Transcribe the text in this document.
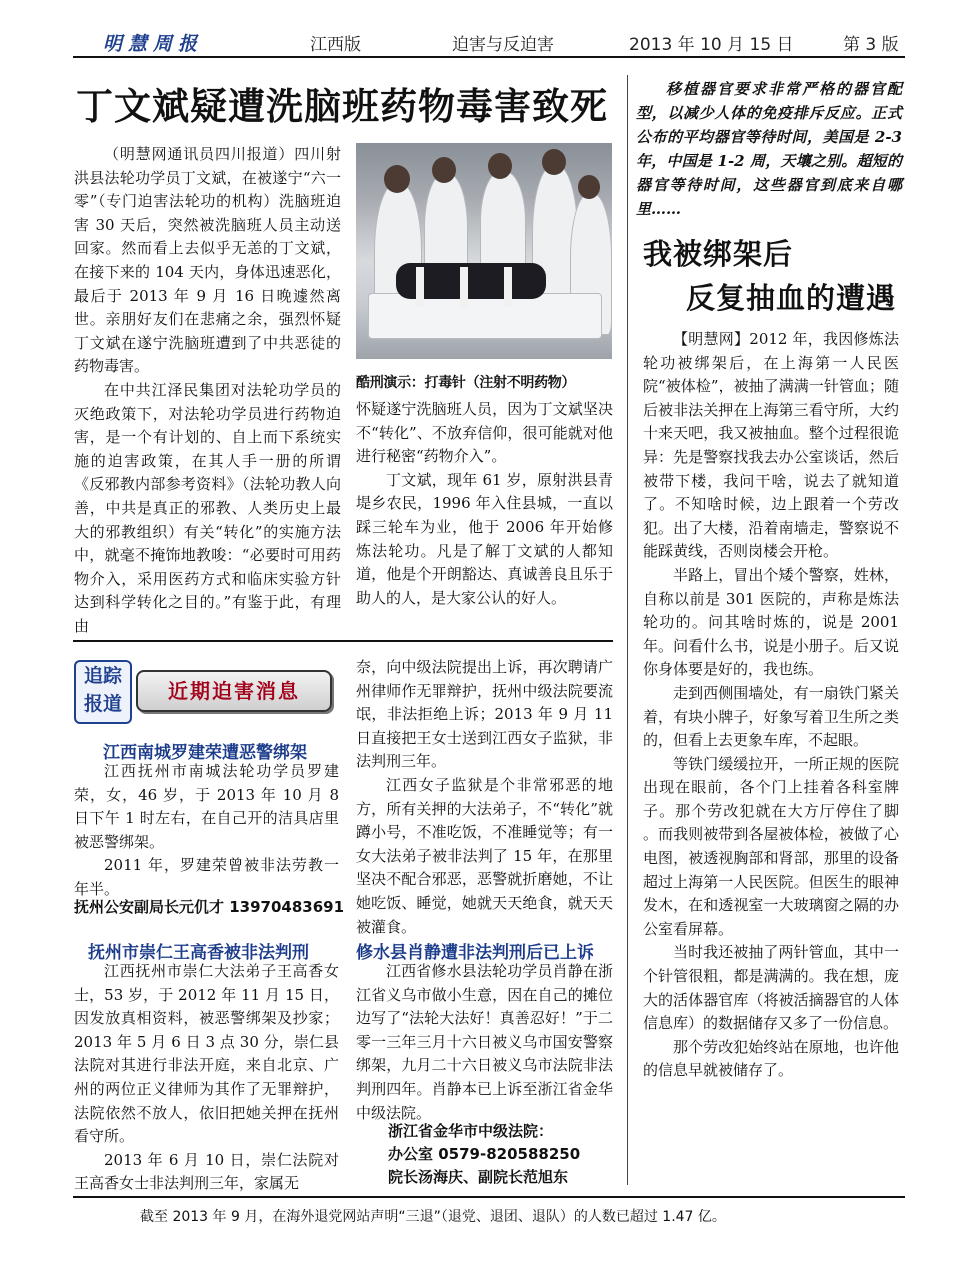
明慧周报	江西版	迫害与反迫害	2013 年 10 月 15 日	第 3 版
丁文斌疑遭洗脑班药物毒害致死

（明慧网通讯员四川报道）四川射洪县法轮功学员丁文斌，在被遂宁“六一零”（专门迫害法轮功的机构）洗脑班迫害 30 天后，突然被洗脑班人员主动送回家。然而看上去似乎无恙的丁文斌，在接下来的 104 天内，身体迅速恶化，最后于 2013 年 9 月 16 日晚遽然离世。亲朋好友们在悲痛之余，强烈怀疑丁文斌在遂宁洗脑班遭到了中共恶徒的药物毒害。

在中共江泽民集团对法轮功学员的灭绝政策下，对法轮功学员进行药物迫害，是一个有计划的、自上而下系统实施的迫害政策，在其人手一册的所谓《反邪教内部参考资料》（法轮功教人向善，中共是真正的邪教、人类历史上最大的邪教组织）有关“转化”的实施方法中，就毫不掩饰地教唆：“必要时可用药物介入，采用医药方式和临床实验方针达到科学转化之目的。”有鉴于此，有理由

酷刑演示：打毒针（注射不明药物）

怀疑遂宁洗脑班人员，因为丁文斌坚决不“转化”、不放弃信仰，很可能就对他进行秘密“药物介入”。

丁文斌，现年 61 岁，原射洪县青堤乡农民，1996 年入住县城，一直以踩三轮车为业，他于 2006 年开始修炼法轮功。凡是了解丁文斌的人都知道，他是个开朗豁达、真诚善良且乐于助人的人，是大家公认的好人。

移植器官要求非常严格的器官配型，以减少人体的免疫排斥反应。正式公布的平均器官等待时间，美国是 2-3 年，中国是 1-2 周，天壤之别。超短的器官等待时间，这些器官到底来自哪里……

我被绑架后
反复抽血的遭遇

【明慧网】2012 年，我因修炼法轮功被绑架后，在上海第一人民医院“被体检”，被抽了满满一针管血；随后被非法关押在上海第三看守所，大约十来天吧，我又被抽血。整个过程很诡异：先是警察找我去办公室谈话，然后被带下楼，我问干啥，说去了就知道了。不知啥时候，边上跟着一个劳改犯。出了大楼，沿着南墙走，警察说不能踩黄线，否则岗楼会开枪。

半路上，冒出个矮个警察，姓林，自称以前是 301 医院的，声称是炼法轮功的。问其啥时炼的，说是 2001 年。问看什么书，说是小册子。后又说你身体要是好的，我也练。

走到西侧围墙处，有一扇铁门紧关着，有块小牌子，好象写着卫生所之类的，但看上去更象车库，不起眼。

等铁门缓缓拉开，一所正规的医院出现在眼前，各个门上挂着各科室牌子。那个劳改犯就在大方厅停住了脚 。而我则被带到各屋被体检，被做了心电图，被透视胸部和肾部，那里的设备超过上海第一人民医院。但医生的眼神发木，在和透视室一大玻璃窗之隔的办公室看屏幕。

当时我还被抽了两针管血，其中一个针管很粗，都是满满的。我在想，庞大的活体器官库（将被活摘器官的人体信息库）的数据储存又多了一份信息。

那个劳改犯始终站在原地，也许他的信息早就被储存了。

追踪
报道
近期迫害消息
江西南城罗建荣遭恶警绑架

江西抚州市南城法轮功学员罗建荣，女，46 岁，于 2013 年 10 月 8 日下午 1 时左右，在自己开的洁具店里被恶警绑架。

2011 年，罗建荣曾被非法劳教一年半。

抚州公安副局长元仉才 13970483691

抚州市崇仁王高香被非法判刑

江西抚州市崇仁大法弟子王高香女士，53 岁，于 2012 年 11 月 15 日，因发放真相资料，被恶警绑架及抄家；2013 年 5 月 6 日 3 点 30 分，崇仁县法院对其进行非法开庭，来自北京、广州的两位正义律师为其作了无罪辩护，法院依然不放人，依旧把她关押在抚州看守所。

2013 年 6 月 10 日，崇仁法院对王高香女士非法判刑三年，家属无

奈，向中级法院提出上诉，再次聘请广州律师作无罪辩护，抚州中级法院要流氓，非法拒绝上诉；2013 年 9 月 11 日直接把王女士送到江西女子监狱，非法判刑三年。

江西女子监狱是个非常邪恶的地方，所有关押的大法弟子，不“转化”就蹲小号，不准吃饭，不准睡觉等；有一女大法弟子被非法判了 15 年，在那里坚决不配合邪恶，恶警就折磨她，不让她吃饭、睡觉，她就天天绝食，就天天被灌食。

修水县肖静遭非法判刑后已上诉

江西省修水县法轮功学员肖静在浙江省义乌市做小生意，因在自己的摊位边写了“法轮大法好！真善忍好！”于二零一三年三月十六日被义乌市国安警察绑架，九月二十六日被义乌市法院非法判刑四年。肖静本已上诉至浙江省金华中级法院。

浙江省金华市中级法院：

办公室 0579-820588250

院长汤海庆、副院长范旭东

截至 2013 年 9 月，在海外退党网站声明“三退”（退党、退团、退队）的人数已超过 1.47 亿。
